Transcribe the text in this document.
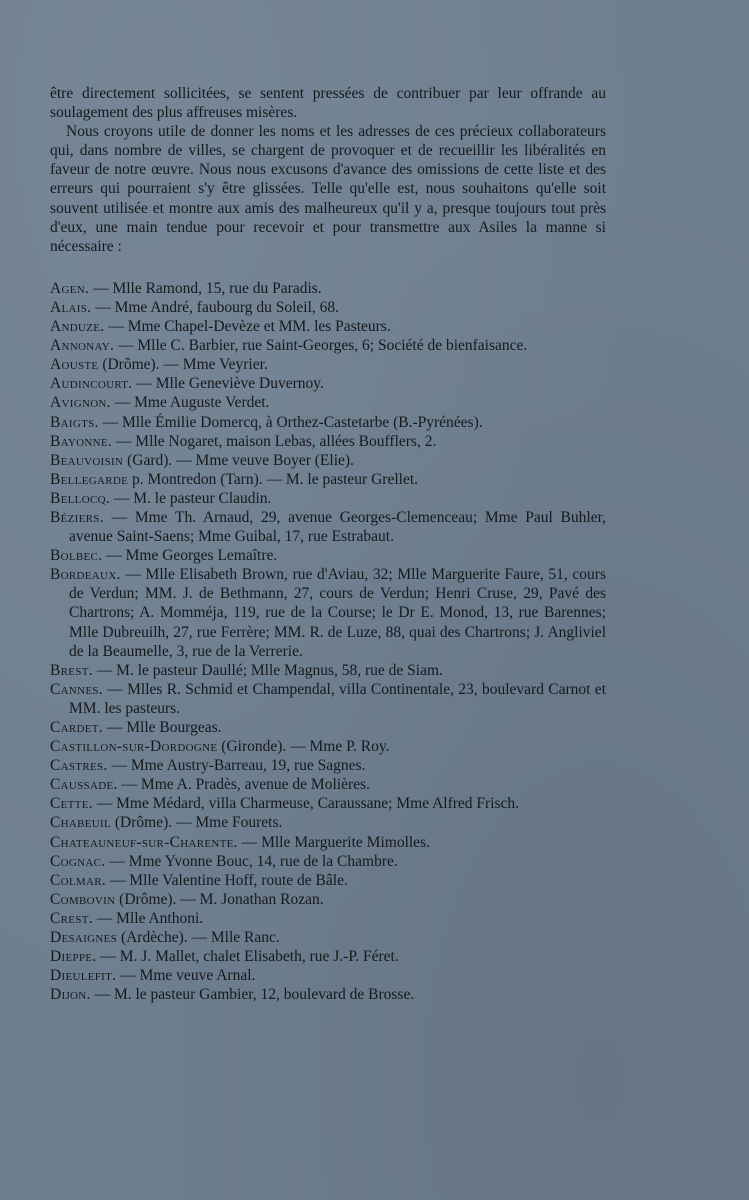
être directement sollicitées, se sentent pressées de contribuer par leur offrande au soulagement des plus affreuses misères.

Nous croyons utile de donner les noms et les adresses de ces précieux collaborateurs qui, dans nombre de villes, se chargent de provoquer et de recueillir les libéralités en faveur de notre œuvre. Nous nous excusons d'avance des omissions de cette liste et des erreurs qui pourraient s'y être glissées. Telle qu'elle est, nous souhaitons qu'elle soit souvent utilisée et montre aux amis des malheureux qu'il y a, presque toujours tout près d'eux, une main tendue pour recevoir et pour transmettre aux Asiles la manne si nécessaire :

Agen. — Mlle Ramond, 15, rue du Paradis.

Alais. — Mme André, faubourg du Soleil, 68.

Anduze. — Mme Chapel-Devèze et MM. les Pasteurs.

Annonay. — Mlle C. Barbier, rue Saint-Georges, 6; Société de bienfaisance.

Aouste (Drôme). — Mme Veyrier.

Audincourt. — Mlle Geneviève Duvernoy.

Avignon. — Mme Auguste Verdet.

Baigts. — Mlle Émilie Domercq, à Orthez-Castetarbe (B.-Pyrénées).

Bayonne. — Mlle Nogaret, maison Lebas, allées Boufflers, 2.

Beauvoisin (Gard). — Mme veuve Boyer (Elie).

Bellegarde p. Montredon (Tarn). — M. le pasteur Grellet.

Bellocq. — M. le pasteur Claudin.

Béziers. — Mme Th. Arnaud, 29, avenue Georges-Clemenceau; Mme Paul Buhler, avenue Saint-Saens; Mme Guibal, 17, rue Estrabaut.

Bolbec. — Mme Georges Lemaître.

Bordeaux. — Mlle Elisabeth Brown, rue d'Aviau, 32; Mlle Marguerite Faure, 51, cours de Verdun; MM. J. de Bethmann, 27, cours de Verdun; Henri Cruse, 29, Pavé des Chartrons; A. Momméja, 119, rue de la Course; le Dr E. Monod, 13, rue Barennes; Mlle Dubreuilh, 27, rue Ferrère; MM. R. de Luze, 88, quai des Chartrons; J. Angliviel de la Beaumelle, 3, rue de la Verrerie.

Brest. — M. le pasteur Daullé; Mlle Magnus, 58, rue de Siam.

Cannes. — Mlles R. Schmid et Champendal, villa Continentale, 23, boulevard Carnot et MM. les pasteurs.

Cardet. — Mlle Bourgeas.

Castillon-sur-Dordogne (Gironde). — Mme P. Roy.

Castres. — Mme Austry-Barreau, 19, rue Sagnes.

Caussade. — Mme A. Pradès, avenue de Molières.

Cette. — Mme Médard, villa Charmeuse, Caraussane; Mme Alfred Frisch.

Chabeuil (Drôme). — Mme Fourets.

Chateauneuf-sur-Charente. — Mlle Marguerite Mimolles.

Cognac. — Mme Yvonne Bouc, 14, rue de la Chambre.

Colmar. — Mlle Valentine Hoff, route de Bâle.

Combovin (Drôme). — M. Jonathan Rozan.

Crest. — Mlle Anthoni.

Desaignes (Ardèche). — Mlle Ranc.

Dieppe. — M. J. Mallet, chalet Elisabeth, rue J.-P. Féret.

Dieulefit. — Mme veuve Arnal.

Dijon. — M. le pasteur Gambier, 12, boulevard de Brosse.
